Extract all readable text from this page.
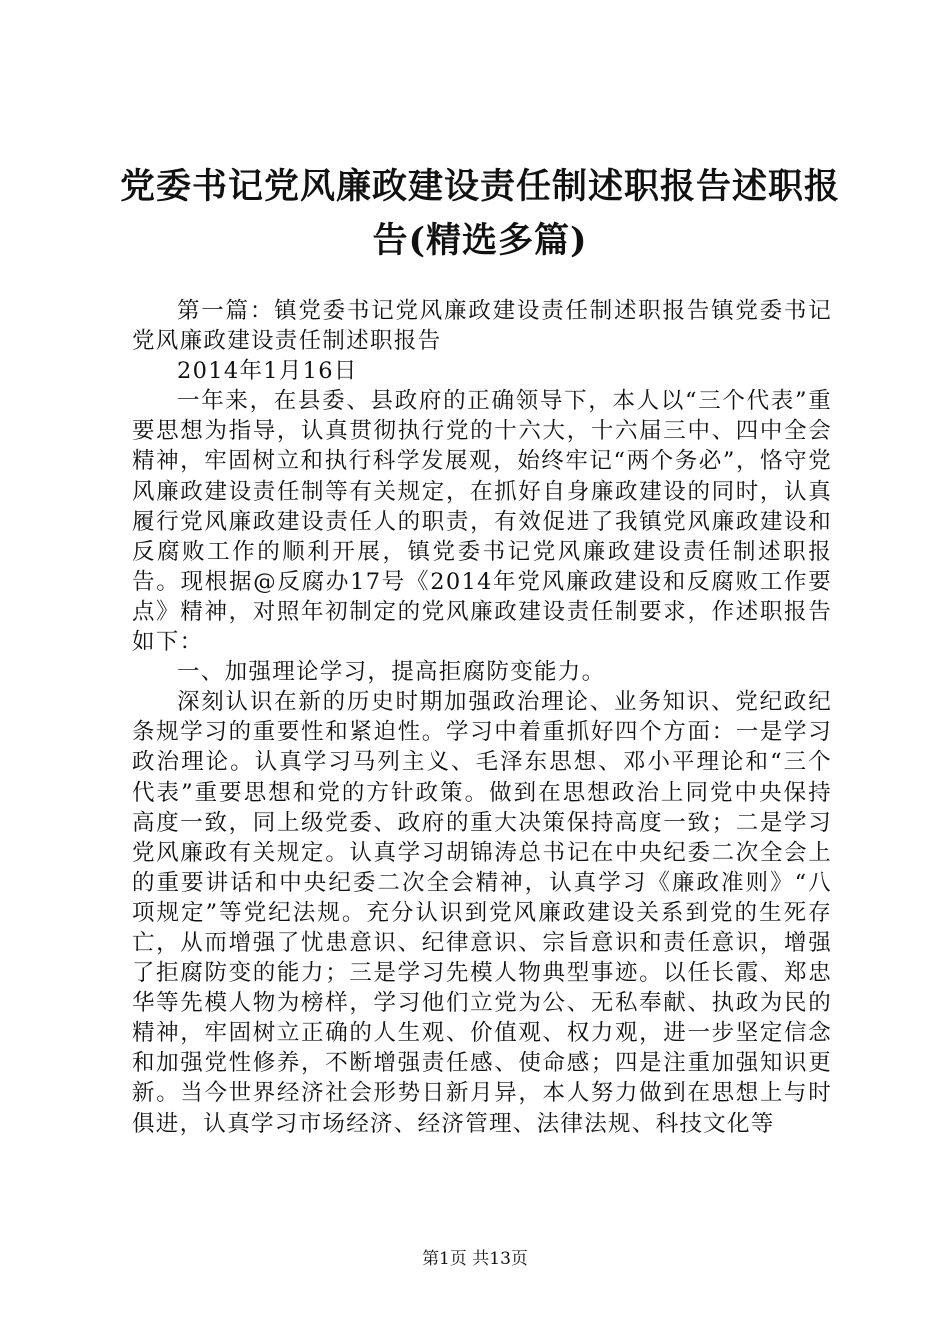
党委书记党风廉政建设责任制述职报告述职报告(精选多篇)

第一篇：镇党委书记党风廉政建设责任制述职报告镇党委书记党风廉政建设责任制述职报告

2014年1月16日

一年来，在县委、县政府的正确领导下，本人以“三个代表”重要思想为指导，认真贯彻执行党的十六大，十六届三中、四中全会精神，牢固树立和执行科学发展观，始终牢记“两个务必”，恪守党风廉政建设责任制等有关规定，在抓好自身廉政建设的同时，认真履行党风廉政建设责任人的职责，有效促进了我镇党风廉政建设和反腐败工作的顺利开展，镇党委书记党风廉政建设责任制述职报告。现根据@反腐办17号《2014年党风廉政建设和反腐败工作要点》精神，对照年初制定的党风廉政建设责任制要求，作述职报告如下：

一、加强理论学习，提高拒腐防变能力。

深刻认识在新的历史时期加强政治理论、业务知识、党纪政纪条规学习的重要性和紧迫性。学习中着重抓好四个方面：一是学习政治理论。认真学习马列主义、毛泽东思想、邓小平理论和“三个代表”重要思想和党的方针政策。做到在思想政治上同党中央保持高度一致，同上级党委、政府的重大决策保持高度一致；二是学习党风廉政有关规定。认真学习胡锦涛总书记在中央纪委二次全会上的重要讲话和中央纪委二次全会精神，认真学习《廉政准则》“八项规定”等党纪法规。充分认识到党风廉政建设关系到党的生死存亡，从而增强了忧患意识、纪律意识、宗旨意识和责任意识，增强了拒腐防变的能力；三是学习先模人物典型事迹。以任长霞、郑忠华等先模人物为榜样，学习他们立党为公、无私奉献、执政为民的精神，牢固树立正确的人生观、价值观、权力观，进一步坚定信念和加强党性修养，不断增强责任感、使命感；四是注重加强知识更新。当今世界经济社会形势日新月异，本人努力做到在思想上与时俱进，认真学习市场经济、经济管理、法律法规、科技文化等

第1页 共13页
